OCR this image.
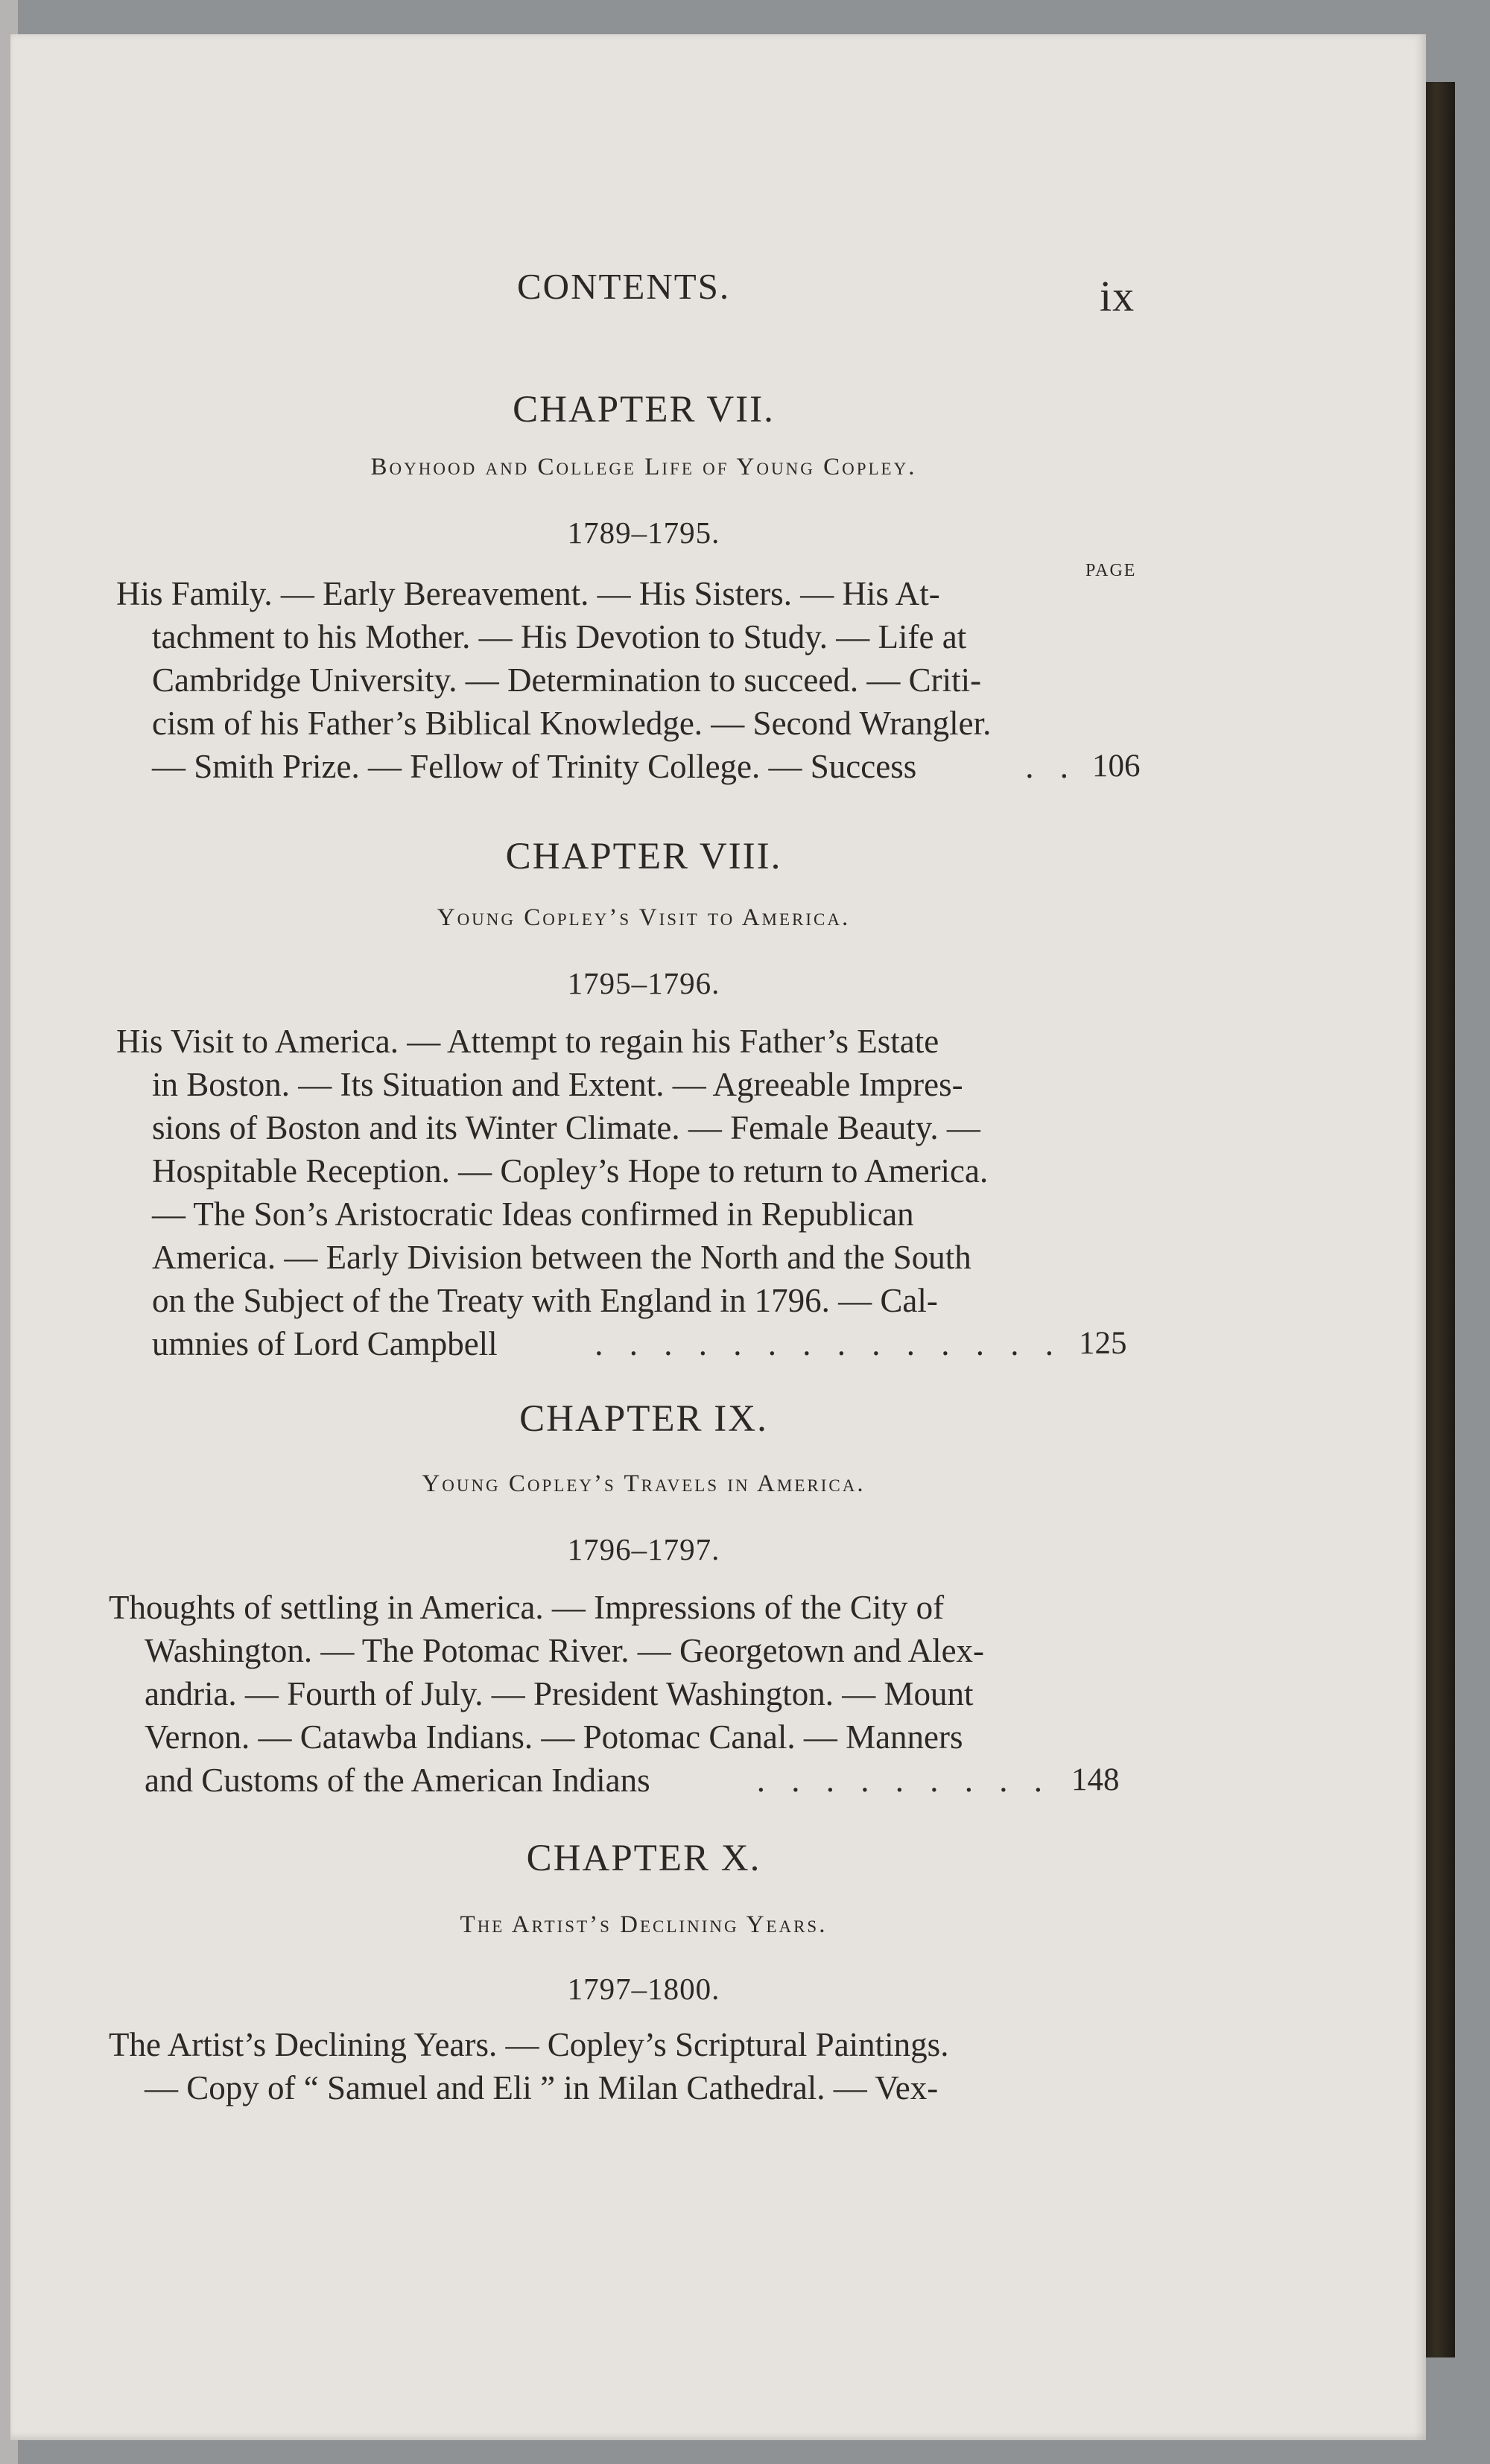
CONTENTS.	ix
CHAPTER VII.
Boyhood and College Life of Young Copley.
1789–1795.
PAGE
His Family. — Early Bereavement. — His Sisters. — His At-
tachment to his Mother. — His Devotion to Study. — Life at
Cambridge University. — Determination to succeed. — Criti-
cism of his Father’s Biblical Knowledge. — Second Wrangler.
— Smith Prize. — Fellow of Trinity College. — Success	. . 106
CHAPTER VIII.
Young Copley’s Visit to America.
1795–1796.
His Visit to America. — Attempt to regain his Father’s Estate
in Boston. — Its Situation and Extent. — Agreeable Impres-
sions of Boston and its Winter Climate. — Female Beauty. —
Hospitable Reception. — Copley’s Hope to return to America.
— The Son’s Aristocratic Ideas confirmed in Republican
America. — Early Division between the North and the South
on the Subject of the Treaty with England in 1796. — Cal-
umnies of Lord Campbell	. . . . . . . . . . . . . . 125
CHAPTER IX.
Young Copley’s Travels in America.
1796–1797.
Thoughts of settling in America. — Impressions of the City of
Washington. — The Potomac River. — Georgetown and Alex-
andria. — Fourth of July. — President Washington. — Mount
Vernon. — Catawba Indians. — Potomac Canal. — Manners
and Customs of the American Indians	. . . . . . . . . 148
CHAPTER X.
The Artist’s Declining Years.
1797–1800.
The Artist’s Declining Years. — Copley’s Scriptural Paintings.
— Copy of “ Samuel and Eli ” in Milan Cathedral. — Vex-
